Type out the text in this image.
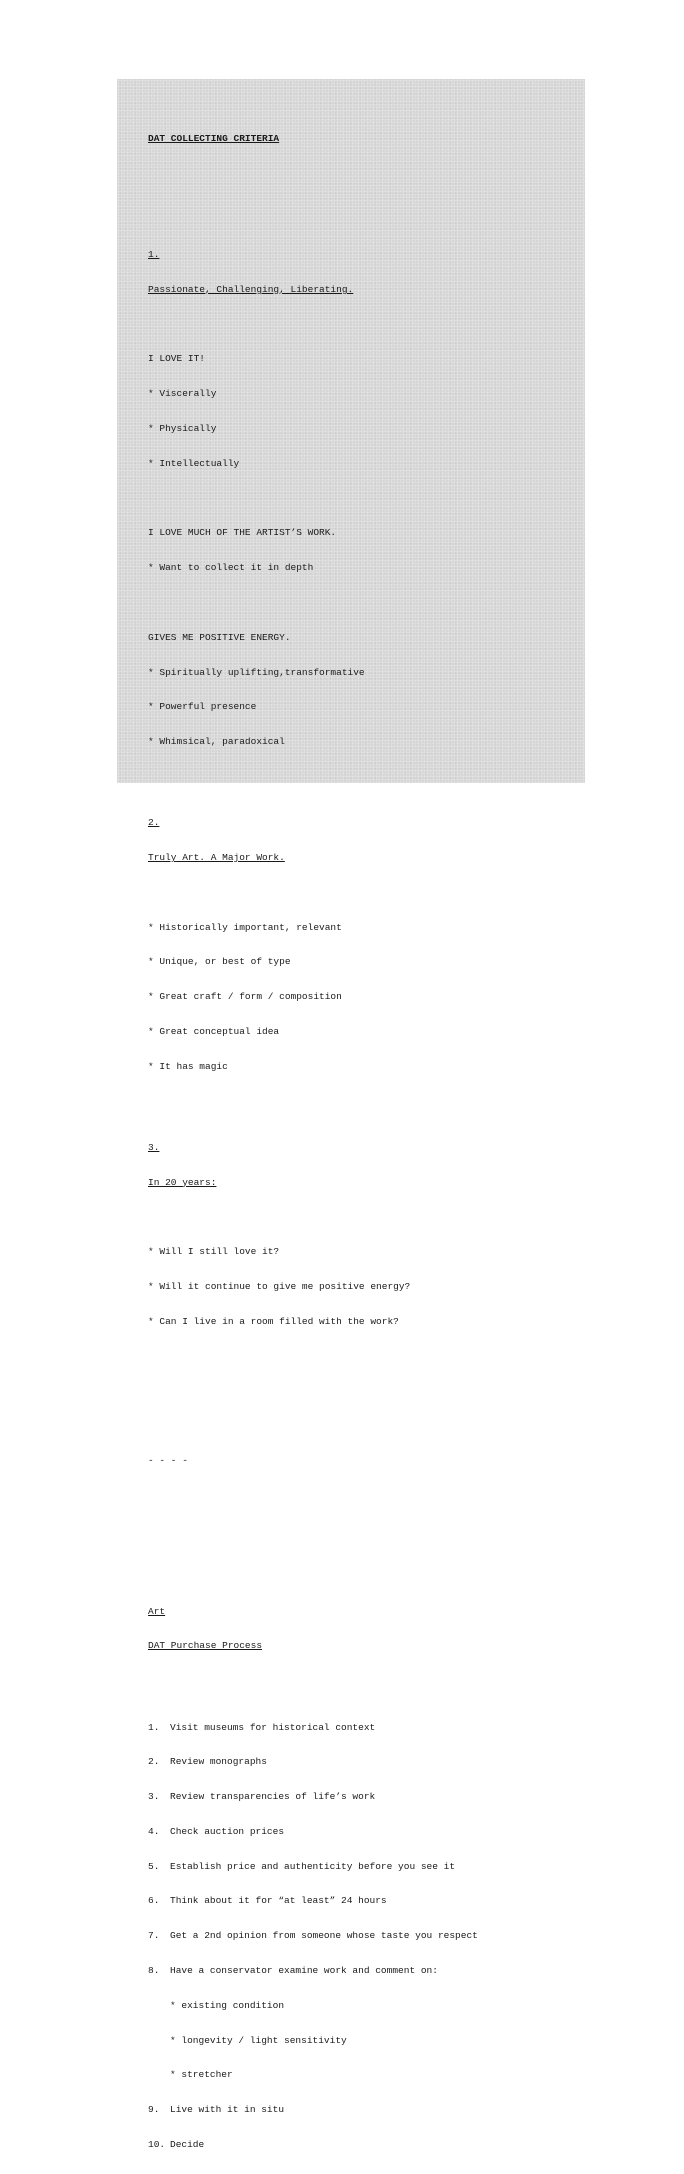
DAT COLLECTING CRITERIA

1.

Passionate, Challenging, Liberating.

I LOVE IT!

* Viscerally

* Physically

* Intellectually

I LOVE MUCH OF THE ARTIST’S WORK.

* Want to collect it in depth

GIVES ME POSITIVE ENERGY.

* Spiritually uplifting,transformative

* Powerful presence

* Whimsical, paradoxical

2.

Truly Art. A Major Work.

* Historically important, relevant

* Unique, or best of type

* Great craft / form / composition

* Great conceptual idea

* It has magic

3.

In 20 years:

* Will I still love it?

* Will it continue to give me positive energy?

* Can I live in a room filled with the work?

- - - -

Art

DAT Purchase Process

1. Visit museums for historical context

2. Review monographs

3. Review transparencies of life’s work

4. Check auction prices

5. Establish price and authenticity before you see it

6. Think about it for “at least” 24 hours

7. Get a 2nd opinion from someone whose taste you respect

8. Have a conservator examine work and comment on:

* existing condition

* longevity / light sensitivity

* stretcher

9. Live with it in situ

10. Decide
